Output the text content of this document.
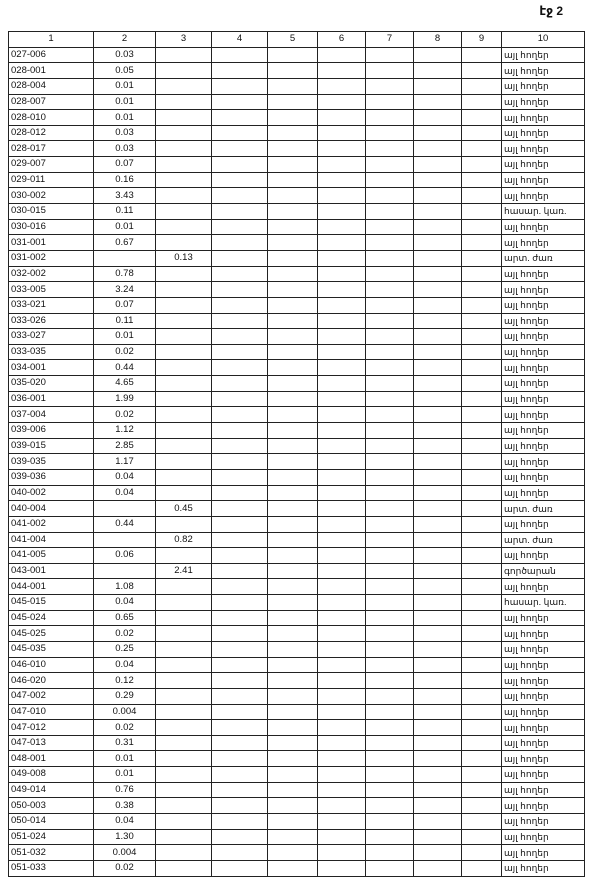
էջ 2
1	2	3	4	5	6	7	8	9	10
027-006	0.03								այլ հողեր
028-001	0.05								այլ հողեր
028-004	0.01								այլ հողեր
028-007	0.01								այլ հողեր
028-010	0.01								այլ հողեր
028-012	0.03								այլ հողեր
028-017	0.03								այլ հողեր
029-007	0.07								այլ հողեր
029-011	0.16								այլ հողեր
030-002	3.43								այլ հողեր
030-015	0.11								հասար. կառ.
030-016	0.01								այլ հողեր
031-001	0.67								այլ հողեր
031-002		0.13							արտ. ժառ
032-002	0.78								այլ հողեր
033-005	3.24								այլ հողեր
033-021	0.07								այլ հողեր
033-026	0.11								այլ հողեր
033-027	0.01								այլ հողեր
033-035	0.02								այլ հողեր
034-001	0.44								այլ հողեր
035-020	4.65								այլ հողեր
036-001	1.99								այլ հողեր
037-004	0.02								այլ հողեր
039-006	1.12								այլ հողեր
039-015	2.85								այլ հողեր
039-035	1.17								այլ հողեր
039-036	0.04								այլ հողեր
040-002	0.04								այլ հողեր
040-004		0.45							արտ. ժառ
041-002	0.44								այլ հողեր
041-004		0.82							արտ. ժառ
041-005	0.06								այլ հողեր
043-001		2.41							գործարան
044-001	1.08								այլ հողեր
045-015	0.04								հասար. կառ.
045-024	0.65								այլ հողեր
045-025	0.02								այլ հողեր
045-035	0.25								այլ հողեր
046-010	0.04								այլ հողեր
046-020	0.12								այլ հողեր
047-002	0.29								այլ հողեր
047-010	0.004								այլ հողեր
047-012	0.02								այլ հողեր
047-013	0.31								այլ հողեր
048-001	0.01								այլ հողեր
049-008	0.01								այլ հողեր
049-014	0.76								այլ հողեր
050-003	0.38								այլ հողեր
050-014	0.04								այլ հողեր
051-024	1.30								այլ հողեր
051-032	0.004								այլ հողեր
051-033	0.02								այլ հողեր
